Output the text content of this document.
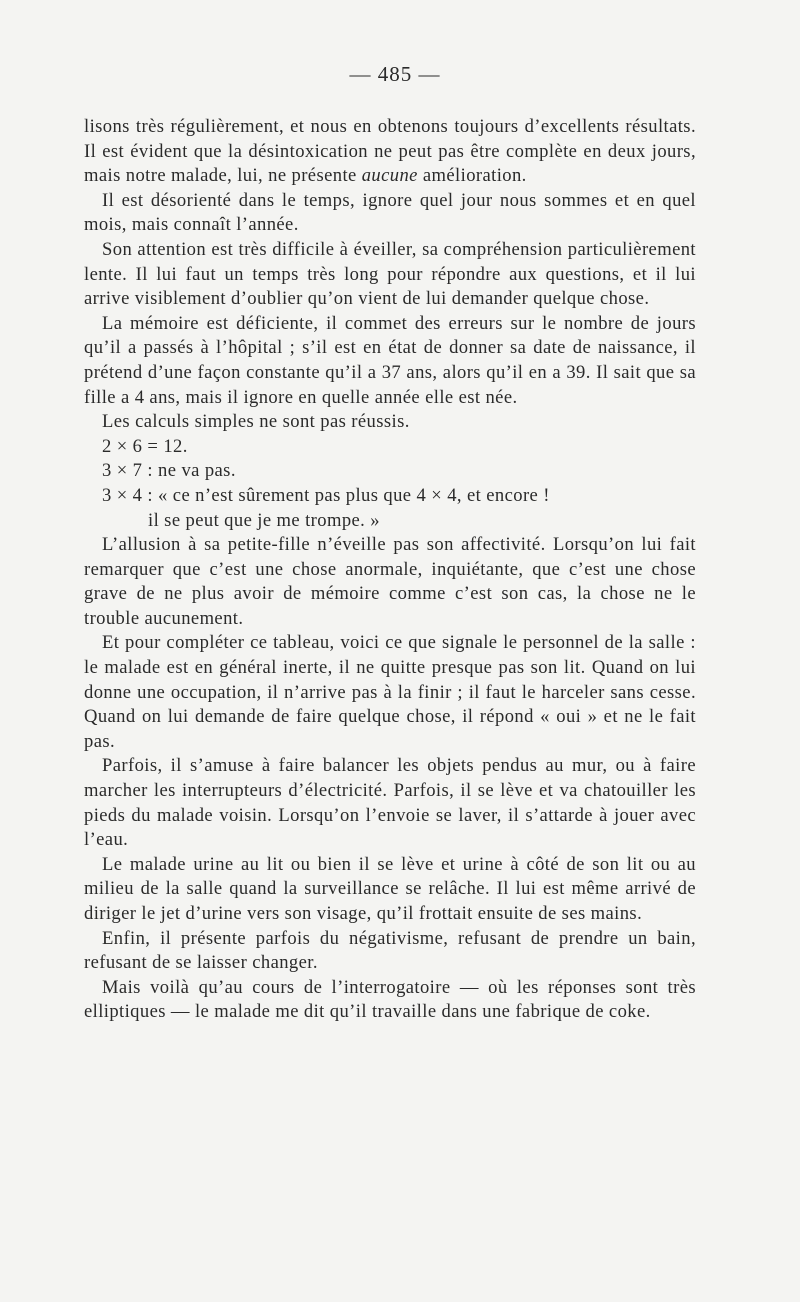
— 485 —

lisons très régulièrement, et nous en obtenons toujours d’excellents résultats. Il est évident que la désintoxication ne peut pas être complète en deux jours, mais notre malade, lui, ne présente aucune amélioration.

Il est désorienté dans le temps, ignore quel jour nous sommes et en quel mois, mais connaît l’année.

Son attention est très difficile à éveiller, sa compréhension particulièrement lente. Il lui faut un temps très long pour répondre aux questions, et il lui arrive visiblement d’oublier qu’on vient de lui demander quelque chose.

La mémoire est déficiente, il commet des erreurs sur le nombre de jours qu’il a passés à l’hôpital ; s’il est en état de donner sa date de naissance, il prétend d’une façon constante qu’il a 37 ans, alors qu’il en a 39. Il sait que sa fille a 4 ans, mais il ignore en quelle année elle est née.

Les calculs simples ne sont pas réussis.

2 × 6 = 12.

3 × 7 : ne va pas.

3 × 4 : « ce n’est sûrement pas plus que 4 × 4, et encore !

il se peut que je me trompe. »

L’allusion à sa petite-fille n’éveille pas son affectivité. Lorsqu’on lui fait remarquer que c’est une chose anormale, inquiétante, que c’est une chose grave de ne plus avoir de mémoire comme c’est son cas, la chose ne le trouble aucunement.

Et pour compléter ce tableau, voici ce que signale le personnel de la salle : le malade est en général inerte, il ne quitte presque pas son lit. Quand on lui donne une occupation, il n’arrive pas à la finir ; il faut le harceler sans cesse. Quand on lui demande de faire quelque chose, il répond « oui » et ne le fait pas.

Parfois, il s’amuse à faire balancer les objets pendus au mur, ou à faire marcher les interrupteurs d’électricité. Parfois, il se lève et va chatouiller les pieds du malade voisin. Lorsqu’on l’envoie se laver, il s’attarde à jouer avec l’eau.

Le malade urine au lit ou bien il se lève et urine à côté de son lit ou au milieu de la salle quand la surveillance se relâche. Il lui est même arrivé de diriger le jet d’urine vers son visage, qu’il frottait ensuite de ses mains.

Enfin, il présente parfois du négativisme, refusant de prendre un bain, refusant de se laisser changer.

Mais voilà qu’au cours de l’interrogatoire — où les réponses sont très elliptiques — le malade me dit qu’il travaille dans une fabrique de coke.
